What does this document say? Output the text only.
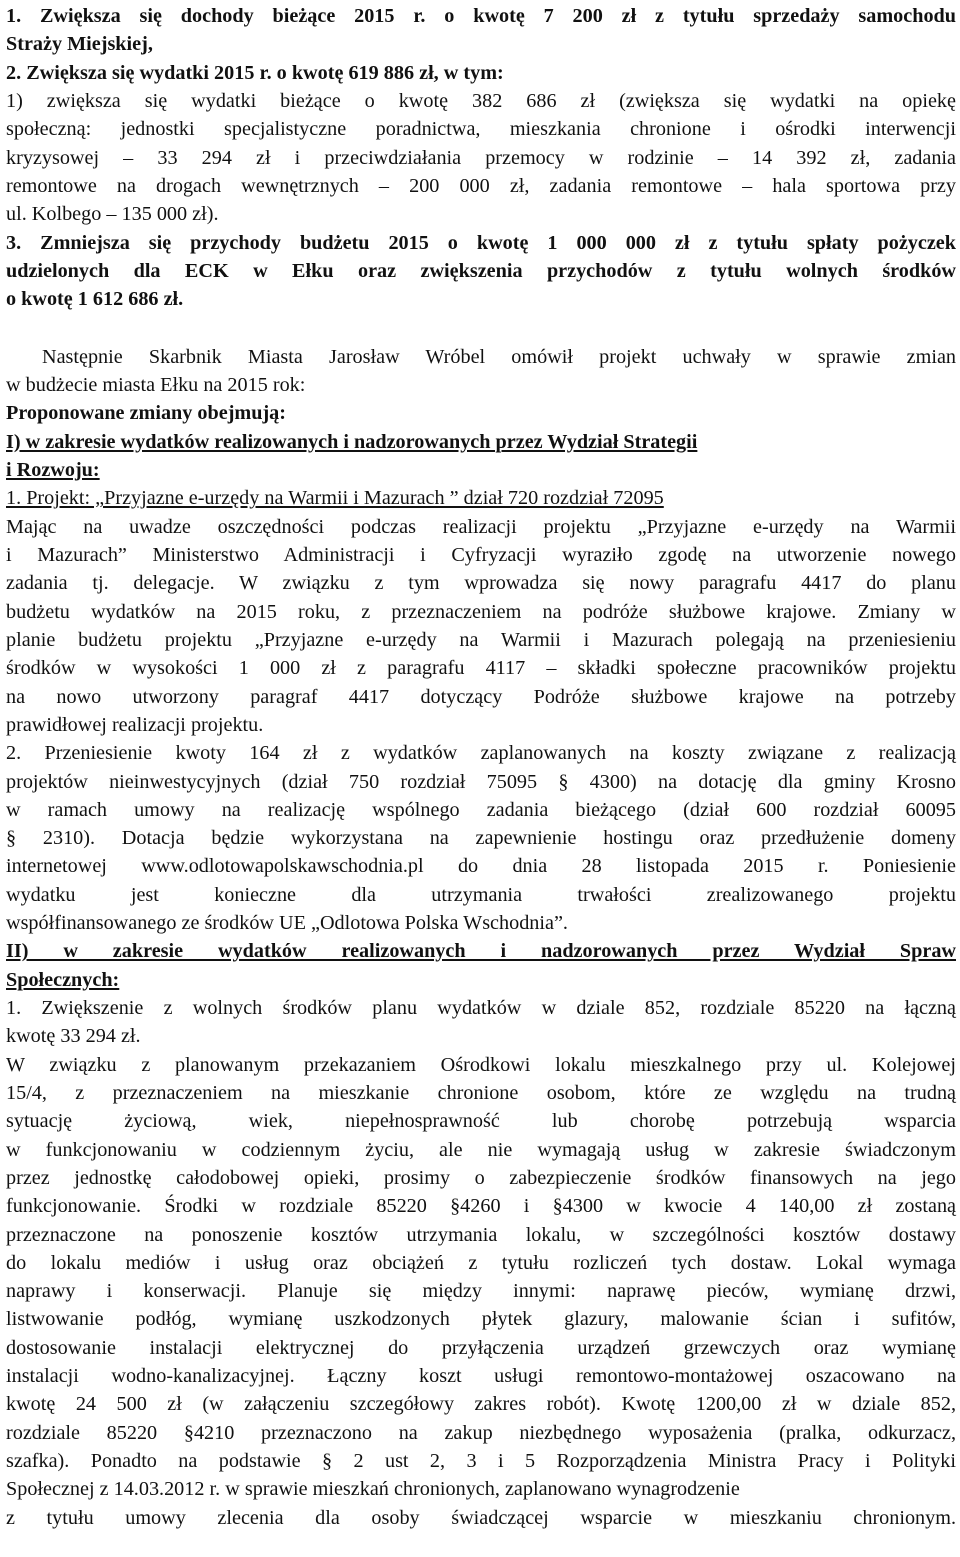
1. Zwiększa się dochody bieżące 2015 r. o kwotę 7 200 zł z tytułu sprzedaży samochodu
Straży Miejskiej,
2. Zwiększa się wydatki 2015 r. o kwotę 619 886 zł, w tym:
1) zwiększa się wydatki bieżące o kwotę 382 686 zł (zwiększa się wydatki na opiekę
społeczną: jednostki specjalistyczne poradnictwa, mieszkania chronione i ośrodki interwencji
kryzysowej – 33 294 zł i przeciwdziałania przemocy w rodzinie – 14 392 zł, zadania
remontowe na drogach wewnętrznych – 200 000 zł, zadania remontowe – hala sportowa przy
ul. Kolbego – 135 000 zł).
3. Zmniejsza się przychody budżetu 2015 o kwotę 1 000 000 zł z tytułu spłaty pożyczek
udzielonych dla ECK w Ełku oraz zwiększenia przychodów z tytułu wolnych środków
o kwotę 1 612 686 zł.
Następnie Skarbnik Miasta Jarosław Wróbel omówił projekt uchwały w sprawie zmian
w budżecie miasta Ełku na 2015 rok:
Proponowane zmiany obejmują:
I) w zakresie wydatków realizowanych i nadzorowanych przez Wydział Strategii
i Rozwoju:
1. Projekt: „Przyjazne e-urzędy na Warmii i Mazurach ” dział 720 rozdział 72095
Mając na uwadze oszczędności podczas realizacji projektu „Przyjazne e-urzędy na Warmii
i Mazurach” Ministerstwo Administracji i Cyfryzacji wyraziło zgodę na utworzenie nowego
zadania tj. delegacje. W związku z tym wprowadza się nowy paragrafu 4417 do planu
budżetu wydatków na 2015 roku, z przeznaczeniem na podróże służbowe krajowe. Zmiany w
planie budżetu projektu „Przyjazne e-urzędy na Warmii i Mazurach polegają na przeniesieniu
środków w wysokości 1 000 zł z paragrafu 4117 – składki społeczne pracowników projektu
na nowo utworzony paragraf 4417 dotyczący Podróże służbowe krajowe na potrzeby
prawidłowej realizacji projektu.
2. Przeniesienie kwoty 164 zł z wydatków zaplanowanych na koszty związane z realizacją
projektów nieinwestycyjnych (dział 750 rozdział 75095 § 4300) na dotację dla gminy Krosno
w ramach umowy na realizację wspólnego zadania bieżącego (dział 600 rozdział 60095
§ 2310). Dotacja będzie wykorzystana na zapewnienie hostingu oraz przedłużenie domeny
internetowej www.odlotowapolskawschodnia.pl do dnia 28 listopada 2015 r. Poniesienie
wydatku jest konieczne dla utrzymania trwałości zrealizowanego projektu
współfinansowanego ze środków UE „Odlotowa Polska Wschodnia”.
II) w zakresie wydatków realizowanych i nadzorowanych przez Wydział Spraw
Społecznych:
1. Zwiększenie z wolnych środków planu wydatków w dziale 852, rozdziale 85220 na łączną
kwotę 33 294 zł.
W związku z planowanym przekazaniem Ośrodkowi lokalu mieszkalnego przy ul. Kolejowej
15/4, z przeznaczeniem na mieszkanie chronione osobom, które ze względu na trudną
sytuację życiową, wiek, niepełnosprawność lub chorobę potrzebują wsparcia
w funkcjonowaniu w codziennym życiu, ale nie wymagają usług w zakresie świadczonym
przez jednostkę całodobowej opieki, prosimy o zabezpieczenie środków finansowych na jego
funkcjonowanie. Środki w rozdziale 85220 §4260 i §4300 w kwocie 4 140,00 zł zostaną
przeznaczone na ponoszenie kosztów utrzymania lokalu, w szczególności kosztów dostawy
do lokalu mediów i usług oraz obciążeń z tytułu rozliczeń tych dostaw. Lokal wymaga
naprawy i konserwacji. Planuje się między innymi: naprawę pieców, wymianę drzwi,
listwowanie podłóg, wymianę uszkodzonych płytek glazury, malowanie ścian i sufitów,
dostosowanie instalacji elektrycznej do przyłączenia urządzeń grzewczych oraz wymianę
instalacji wodno-kanalizacyjnej. Łączny koszt usługi remontowo-montażowej oszacowano na
kwotę 24 500 zł (w załączeniu szczegółowy zakres robót). Kwotę 1200,00 zł w dziale 852,
rozdziale 85220 §4210 przeznaczono na zakup niezbędnego wyposażenia (pralka, odkurzacz,
szafka). Ponadto na podstawie § 2 ust 2, 3 i 5 Rozporządzenia Ministra Pracy i Polityki
Społecznej z 14.03.2012 r. w sprawie mieszkań chronionych, zaplanowano wynagrodzenie
z tytułu umowy zlecenia dla osoby świadczącej wsparcie w mieszkaniu chronionym.
